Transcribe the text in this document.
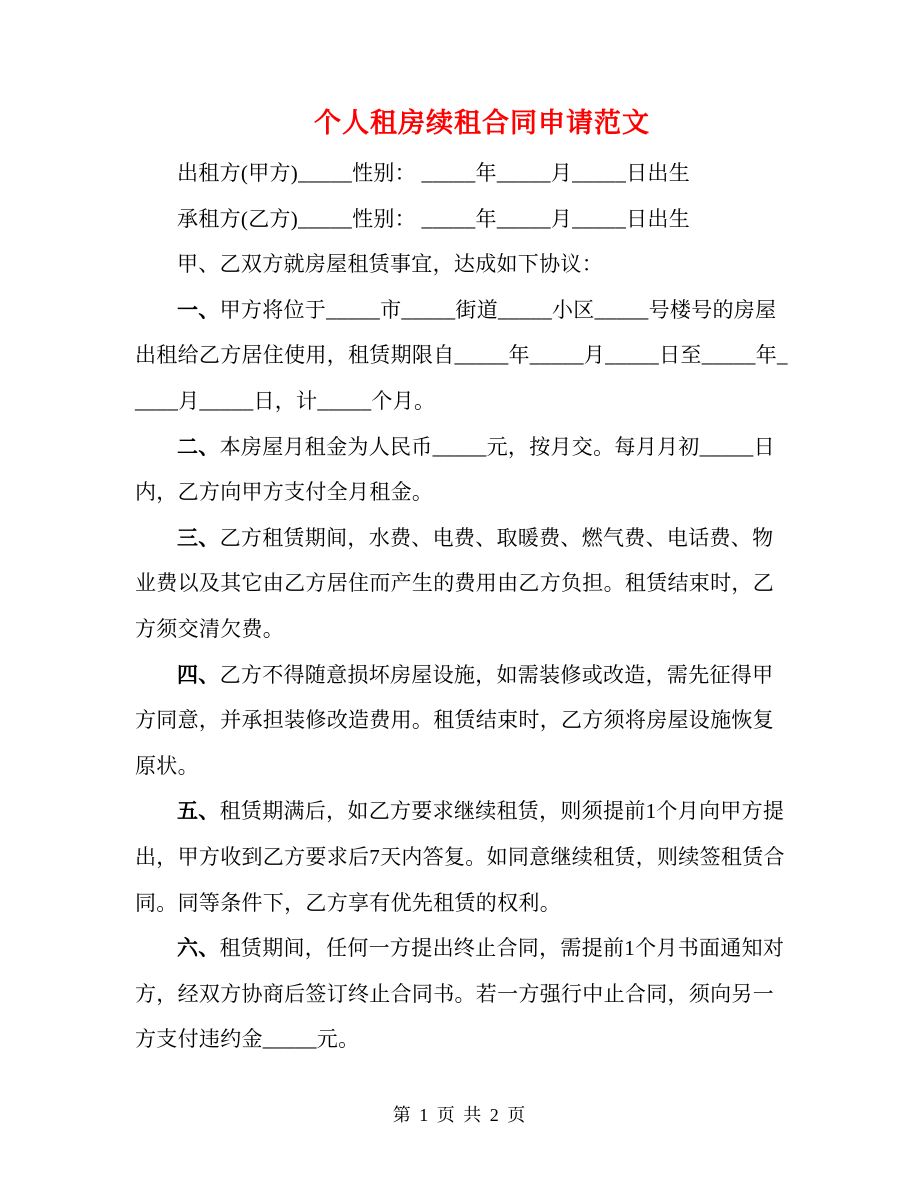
个人租房续租合同申请范文
出租方(甲方)_____性别： _____年_____月_____日出生
承租方(乙方)_____性别： _____年_____月_____日出生
甲、乙双方就房屋租赁事宜，达成如下协议：
一、甲方将位于_____市_____街道_____小区_____号楼号的房屋
出租给乙方居住使用，租赁期限自_____年_____月_____日至_____年_
____月_____日，计_____个月。
二、本房屋月租金为人民币_____元，按月交。每月月初_____日
内，乙方向甲方支付全月租金。
三、乙方租赁期间，水费、电费、取暖费、燃气费、电话费、物
业费以及其它由乙方居住而产生的费用由乙方负担。租赁结束时，乙
方须交清欠费。
四、乙方不得随意损坏房屋设施，如需装修或改造，需先征得甲
方同意，并承担装修改造费用。租赁结束时，乙方须将房屋设施恢复
原状。
五、租赁期满后，如乙方要求继续租赁，则须提前1个月向甲方提
出，甲方收到乙方要求后7天内答复。如同意继续租赁，则续签租赁合
同。同等条件下，乙方享有优先租赁的权利。
六、租赁期间，任何一方提出终止合同，需提前1个月书面通知对
方，经双方协商后签订终止合同书。若一方强行中止合同，须向另一
方支付违约金_____元。
第 1 页 共 2 页
